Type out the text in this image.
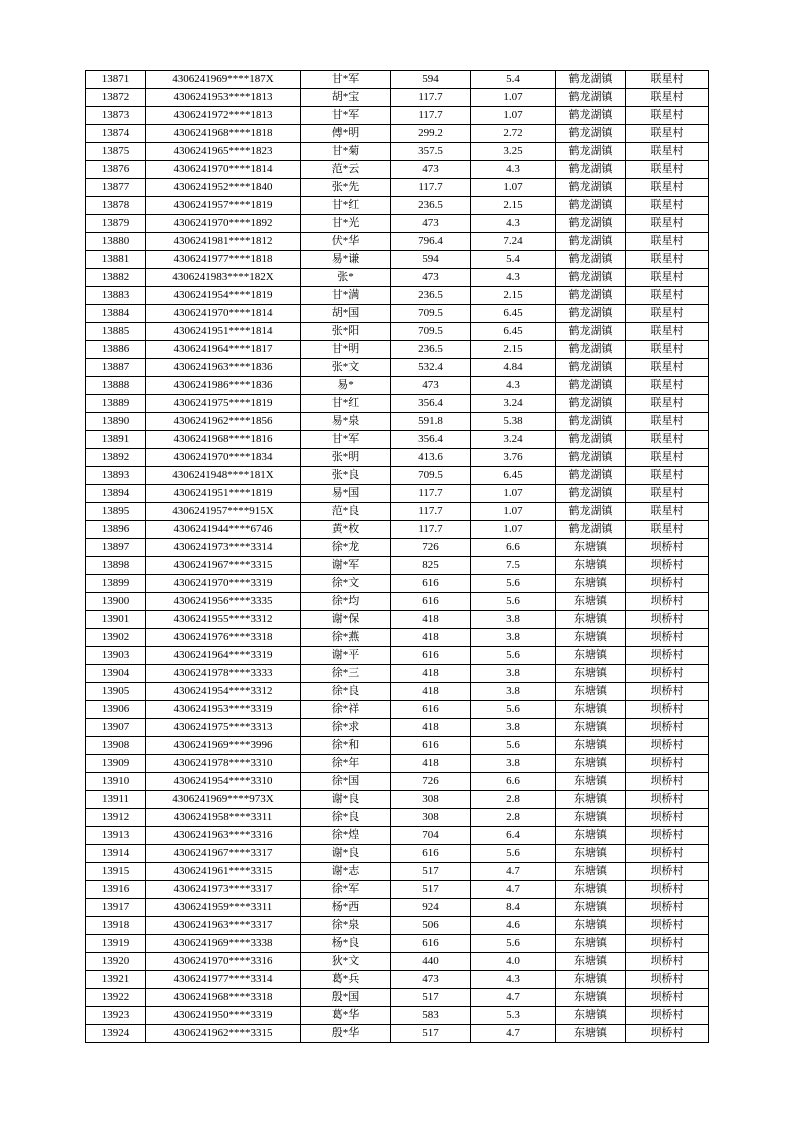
13871	4306241969****187X	甘*军	594	5.4	鹤龙湖镇	联星村
13872	4306241953****1813	胡*宝	117.7	1.07	鹤龙湖镇	联星村
13873	4306241972****1813	甘*军	117.7	1.07	鹤龙湖镇	联星村
13874	4306241968****1818	傅*明	299.2	2.72	鹤龙湖镇	联星村
13875	4306241965****1823	甘*菊	357.5	3.25	鹤龙湖镇	联星村
13876	4306241970****1814	范*云	473	4.3	鹤龙湖镇	联星村
13877	4306241952****1840	张*先	117.7	1.07	鹤龙湖镇	联星村
13878	4306241957****1819	甘*红	236.5	2.15	鹤龙湖镇	联星村
13879	4306241970****1892	甘*光	473	4.3	鹤龙湖镇	联星村
13880	4306241981****1812	伏*华	796.4	7.24	鹤龙湖镇	联星村
13881	4306241977****1818	易*谦	594	5.4	鹤龙湖镇	联星村
13882	4306241983****182X	张*	473	4.3	鹤龙湖镇	联星村
13883	4306241954****1819	甘*满	236.5	2.15	鹤龙湖镇	联星村
13884	4306241970****1814	胡*国	709.5	6.45	鹤龙湖镇	联星村
13885	4306241951****1814	张*阳	709.5	6.45	鹤龙湖镇	联星村
13886	4306241964****1817	甘*明	236.5	2.15	鹤龙湖镇	联星村
13887	4306241963****1836	张*文	532.4	4.84	鹤龙湖镇	联星村
13888	4306241986****1836	易*	473	4.3	鹤龙湖镇	联星村
13889	4306241975****1819	甘*红	356.4	3.24	鹤龙湖镇	联星村
13890	4306241962****1856	易*泉	591.8	5.38	鹤龙湖镇	联星村
13891	4306241968****1816	甘*军	356.4	3.24	鹤龙湖镇	联星村
13892	4306241970****1834	张*明	413.6	3.76	鹤龙湖镇	联星村
13893	4306241948****181X	张*良	709.5	6.45	鹤龙湖镇	联星村
13894	4306241951****1819	易*国	117.7	1.07	鹤龙湖镇	联星村
13895	4306241957****915X	范*良	117.7	1.07	鹤龙湖镇	联星村
13896	4306241944****6746	黄*枚	117.7	1.07	鹤龙湖镇	联星村
13897	4306241973****3314	徐*龙	726	6.6	东塘镇	坝桥村
13898	4306241967****3315	谢*军	825	7.5	东塘镇	坝桥村
13899	4306241970****3319	徐*文	616	5.6	东塘镇	坝桥村
13900	4306241956****3335	徐*均	616	5.6	东塘镇	坝桥村
13901	4306241955****3312	谢*保	418	3.8	东塘镇	坝桥村
13902	4306241976****3318	徐*燕	418	3.8	东塘镇	坝桥村
13903	4306241964****3319	谢*平	616	5.6	东塘镇	坝桥村
13904	4306241978****3333	徐*三	418	3.8	东塘镇	坝桥村
13905	4306241954****3312	徐*良	418	3.8	东塘镇	坝桥村
13906	4306241953****3319	徐*祥	616	5.6	东塘镇	坝桥村
13907	4306241975****3313	徐*求	418	3.8	东塘镇	坝桥村
13908	4306241969****3996	徐*和	616	5.6	东塘镇	坝桥村
13909	4306241978****3310	徐*年	418	3.8	东塘镇	坝桥村
13910	4306241954****3310	徐*国	726	6.6	东塘镇	坝桥村
13911	4306241969****973X	谢*良	308	2.8	东塘镇	坝桥村
13912	4306241958****3311	徐*良	308	2.8	东塘镇	坝桥村
13913	4306241963****3316	徐*煌	704	6.4	东塘镇	坝桥村
13914	4306241967****3317	谢*良	616	5.6	东塘镇	坝桥村
13915	4306241961****3315	谢*志	517	4.7	东塘镇	坝桥村
13916	4306241973****3317	徐*军	517	4.7	东塘镇	坝桥村
13917	4306241959****3311	杨*西	924	8.4	东塘镇	坝桥村
13918	4306241963****3317	徐*泉	506	4.6	东塘镇	坝桥村
13919	4306241969****3338	杨*良	616	5.6	东塘镇	坝桥村
13920	4306241970****3316	狄*文	440	4.0	东塘镇	坝桥村
13921	4306241977****3314	葛*兵	473	4.3	东塘镇	坝桥村
13922	4306241968****3318	殷*国	517	4.7	东塘镇	坝桥村
13923	4306241950****3319	葛*华	583	5.3	东塘镇	坝桥村
13924	4306241962****3315	殷*华	517	4.7	东塘镇	坝桥村
